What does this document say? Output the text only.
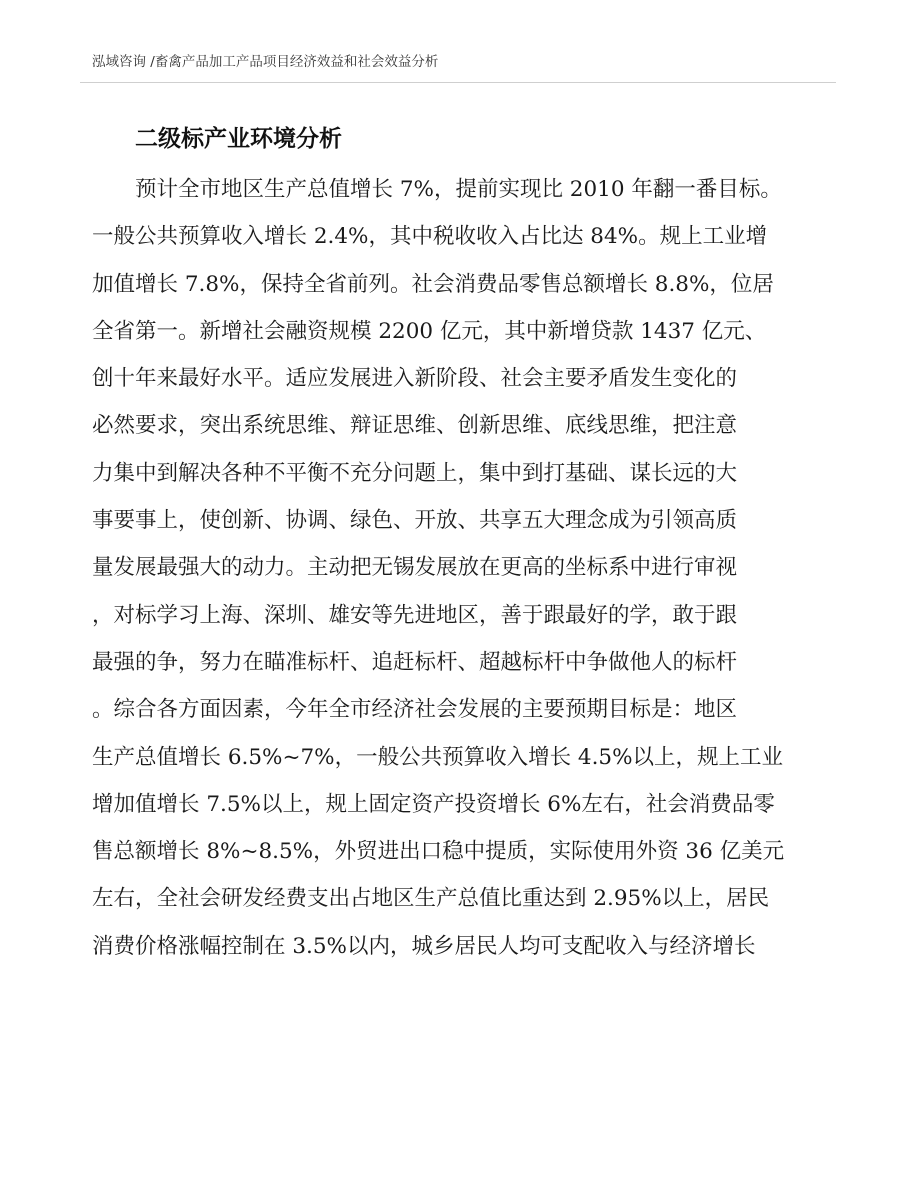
泓域咨询 /畜禽产品加工产品项目经济效益和社会效益分析
二级标产业环境分析
预计全市地区生产总值增长 7%，提前实现比 2010 年翻一番目标。
一般公共预算收入增长 2.4%，其中税收收入占比达 84%。规上工业增
加值增长 7.8%，保持全省前列。社会消费品零售总额增长 8.8%，位居
全省第一。新增社会融资规模 2200 亿元，其中新增贷款 1437 亿元、
创十年来最好水平。适应发展进入新阶段、社会主要矛盾发生变化的
必然要求，突出系统思维、辩证思维、创新思维、底线思维，把注意
力集中到解决各种不平衡不充分问题上，集中到打基础、谋长远的大
事要事上，使创新、协调、绿色、开放、共享五大理念成为引领高质
量发展最强大的动力。主动把无锡发展放在更高的坐标系中进行审视
，对标学习上海、深圳、雄安等先进地区，善于跟最好的学，敢于跟
最强的争，努力在瞄准标杆、追赶标杆、超越标杆中争做他人的标杆
。综合各方面因素，今年全市经济社会发展的主要预期目标是：地区
生产总值增长 6.5%~7%，一般公共预算收入增长 4.5%以上，规上工业
增加值增长 7.5%以上，规上固定资产投资增长 6%左右，社会消费品零
售总额增长 8%~8.5%，外贸进出口稳中提质，实际使用外资 36 亿美元
左右，全社会研发经费支出占地区生产总值比重达到 2.95%以上，居民
消费价格涨幅控制在 3.5%以内，城乡居民人均可支配收入与经济增长
